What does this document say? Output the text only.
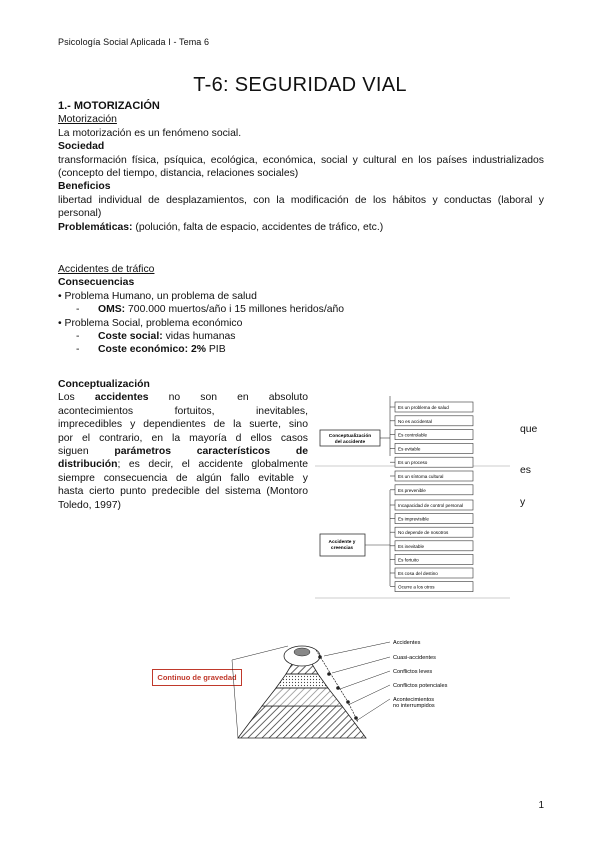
Psicología Social Aplicada I - Tema 6
T-6: SEGURIDAD VIAL

1.- MOTORIZACIÓN

Motorización

La motorización es un fenómeno social.

Sociedad

transformación física, psíquica, ecológica, económica, social y cultural en los países industrializados (concepto del tiempo, distancia, relaciones sociales)

Beneficios

libertad individual de desplazamientos, con la modificación de los hábitos y conductas (laboral y personal)

Problemáticas: (polución, falta de espacio, accidentes de tráfico, etc.)

Accidentes de tráfico

Consecuencias

• Problema Humano, un problema de salud

- OMS: 700.000 muertos/año i 15 millones heridos/año

• Problema Social, problema económico

- Coste social: vidas humanas

- Coste económico: 2% PIB

Conceptualización

Los accidentes no son en absoluto

acontecimientos fortuitos, inevitables,

imprecedibles y dependientes de la suerte, sino

por el contrario, en la mayoría d ellos casos

siguen parámetros característicos de

distribución; es decir, el accidente globalmente

siempre consecuencia de algún fallo evitable y

hasta cierto punto predecible del sistema (Montoro

Toledo, 1997)

que
es
y
Conceptualización del accidente
Es un problema de salud
No es accidental
Es controlable
Es evitable
Es un proceso
Es un síntoma cultural
Es prevenible
Accidente y creencias
Incapacidad de control personal
Es imprevisible
No depende de nosotros
Es inevitable
Es fortuito
Es cosa del destino
Ocurre a los otros
Continuo de gravedad
Accidentes
Cuasi-accidentes
Conflictos leves
Conflictos potenciales
Acontecimientos no interrumpidos
1
